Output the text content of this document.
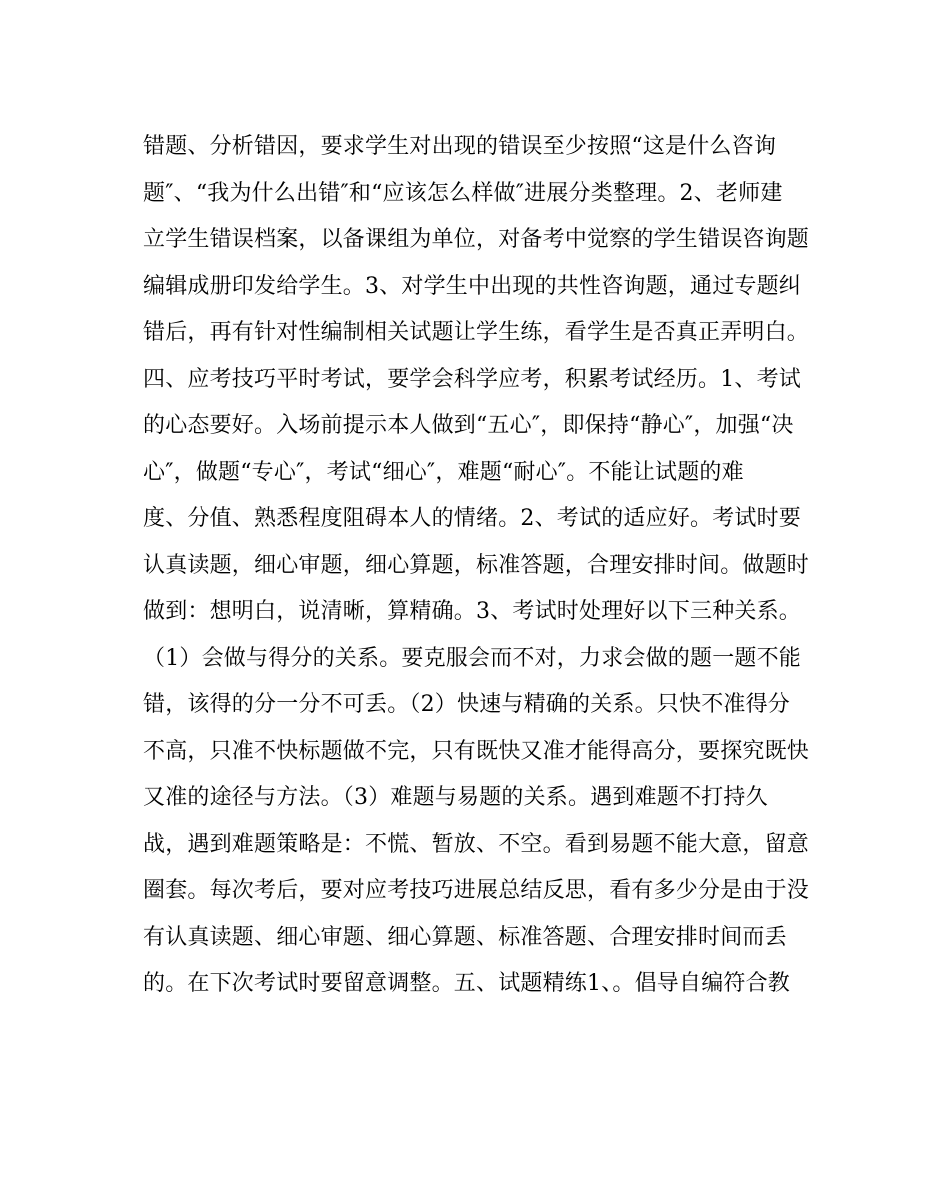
错题、分析错因，要求学生对出现的错误至少按照“这是什么咨询
题″、“我为什么出错″和“应该怎么样做″进展分类整理。2、老师建
立学生错误档案，以备课组为单位，对备考中觉察的学生错误咨询题
编辑成册印发给学生。3、对学生中出现的共性咨询题，通过专题纠
错后，再有针对性编制相关试题让学生练，看学生是否真正弄明白。
四、应考技巧平时考试，要学会科学应考，积累考试经历。1、考试
的心态要好。入场前提示本人做到“五心″，即保持“静心″，加强“决
心″，做题“专心″，考试“细心″，难题“耐心″。不能让试题的难
度、分值、熟悉程度阻碍本人的情绪。2、考试的适应好。考试时要
认真读题，细心审题，细心算题，标准答题，合理安排时间。做题时
做到：想明白，说清晰，算精确。3、考试时处理好以下三种关系。
（1）会做与得分的关系。要克服会而不对，力求会做的题一题不能
错，该得的分一分不可丢。（2）快速与精确的关系。只快不准得分
不高，只准不快标题做不完，只有既快又准才能得高分，要探究既快
又准的途径与方法。（3）难题与易题的关系。遇到难题不打持久
战，遇到难题策略是：不慌、暂放、不空。看到易题不能大意，留意
圈套。每次考后，要对应考技巧进展总结反思，看有多少分是由于没
有认真读题、细心审题、细心算题、标准答题、合理安排时间而丢
的。在下次考试时要留意调整。五、试题精练1、。倡导自编符合教
